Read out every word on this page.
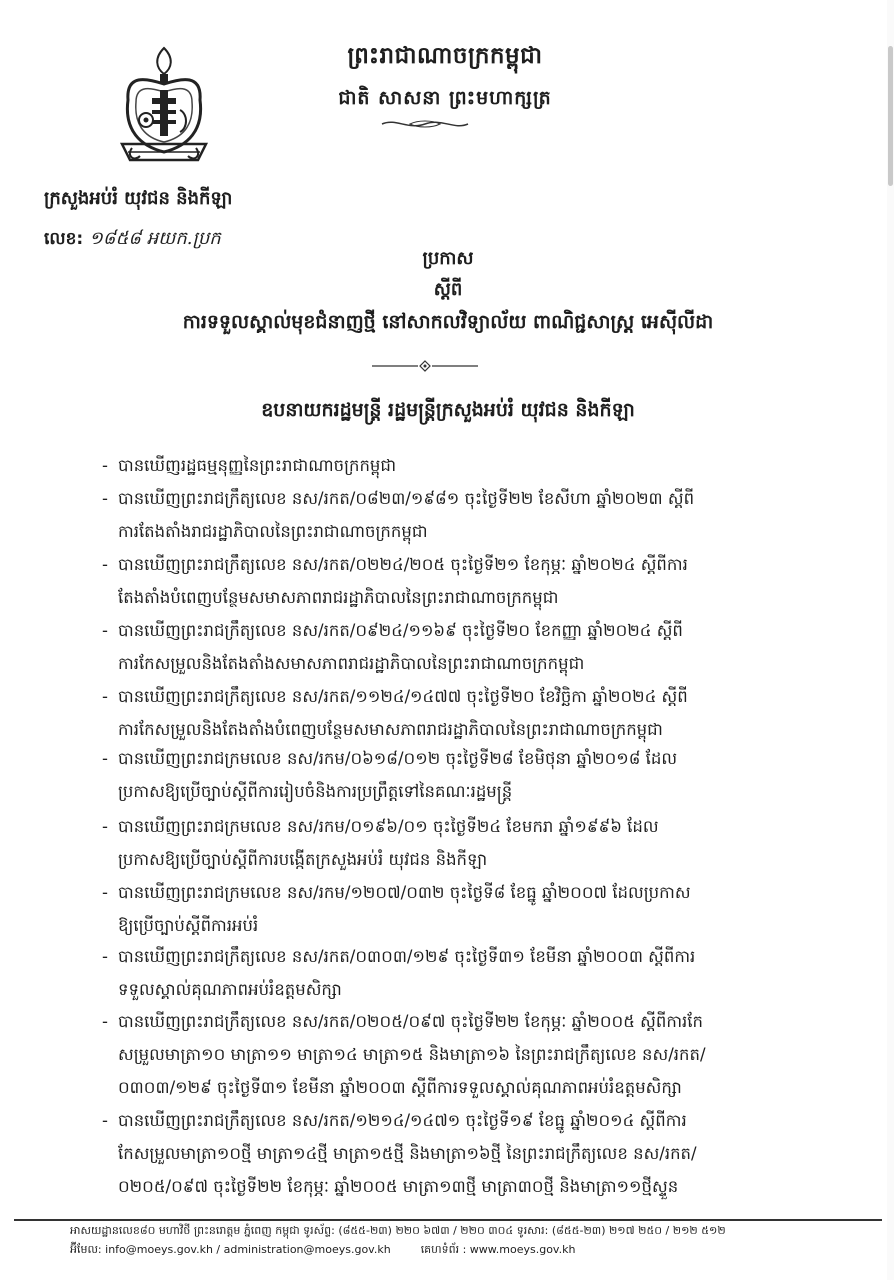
ព្រះរាជាណាចក្រកម្ពុជា
ជាតិ សាសនា ព្រះមហាក្សត្រ
ក្រសួងអប់រំ យុវជន និងកីឡា
លេខ: ១៨៥៨ អយក.ប្រក
ប្រកាស
ស្តីពី
ការទទួលស្គាល់មុខជំនាញថ្មី នៅសាកលវិទ្យាល័យ ពាណិជ្ជសាស្ត្រ អេស៊ីលីដា
ឧបនាយករដ្ឋមន្ត្រី រដ្ឋមន្ត្រីក្រសួងអប់រំ យុវជន និងកីឡា
- បានឃើញរដ្ឋធម្មនុញ្ញនៃព្រះរាជាណាចក្រកម្ពុជា
- បានឃើញព្រះរាជក្រឹត្យលេខ នស/រកត/០៨២៣/១៩៨១ ចុះថ្ងៃទី២២ ខែសីហា ឆ្នាំ២០២៣ ស្តីពី
ការតែងតាំងរាជរដ្ឋាភិបាលនៃព្រះរាជាណាចក្រកម្ពុជា
- បានឃើញព្រះរាជក្រឹត្យលេខ នស/រកត/០២២៤/២០៥ ចុះថ្ងៃទី២១ ខែកុម្ភៈ ឆ្នាំ២០២៤ ស្តីពីការ
តែងតាំងបំពេញបន្ថែមសមាសភាពរាជរដ្ឋាភិបាលនៃព្រះរាជាណាចក្រកម្ពុជា
- បានឃើញព្រះរាជក្រឹត្យលេខ នស/រកត/០៩២៤/១១៦៩ ចុះថ្ងៃទី២០ ខែកញ្ញា ឆ្នាំ២០២៤ ស្តីពី
ការកែសម្រួលនិងតែងតាំងសមាសភាពរាជរដ្ឋាភិបាលនៃព្រះរាជាណាចក្រកម្ពុជា
- បានឃើញព្រះរាជក្រឹត្យលេខ នស/រកត/១១២៤/១៤៧៧ ចុះថ្ងៃទី២០ ខែវិច្ឆិកា ឆ្នាំ២០២៤ ស្តីពី
ការកែសម្រួលនិងតែងតាំងបំពេញបន្ថែមសមាសភាពរាជរដ្ឋាភិបាលនៃព្រះរាជាណាចក្រកម្ពុជា
- បានឃើញព្រះរាជក្រមលេខ នស/រកម/០៦១៨/០១២ ចុះថ្ងៃទី២៨ ខែមិថុនា ឆ្នាំ២០១៨ ដែល
ប្រកាសឱ្យប្រើច្បាប់ស្តីពីការរៀបចំនិងការប្រព្រឹត្តទៅនៃគណៈរដ្ឋមន្ត្រី
- បានឃើញព្រះរាជក្រមលេខ នស/រកម/០១៩៦/០១ ចុះថ្ងៃទី២៤ ខែមករា ឆ្នាំ១៩៩៦ ដែល
ប្រកាសឱ្យប្រើច្បាប់ស្តីពីការបង្កើតក្រសួងអប់រំ យុវជន និងកីឡា
- បានឃើញព្រះរាជក្រមលេខ នស/រកម/១២០៧/០៣២ ចុះថ្ងៃទី៨ ខែធ្នូ ឆ្នាំ២០០៧ ដែលប្រកាស
ឱ្យប្រើច្បាប់ស្តីពីការអប់រំ
- បានឃើញព្រះរាជក្រឹត្យលេខ នស/រកត/០៣០៣/១២៩ ចុះថ្ងៃទី៣១ ខែមីនា ឆ្នាំ២០០៣ ស្តីពីការ
ទទួលស្គាល់គុណភាពអប់រំឧត្តមសិក្សា
- បានឃើញព្រះរាជក្រឹត្យលេខ នស/រកត/០២០៥/០៩៧ ចុះថ្ងៃទី២២ ខែកុម្ភៈ ឆ្នាំ២០០៥ ស្តីពីការកែ
សម្រួលមាត្រា១០ មាត្រា១១ មាត្រា១៤ មាត្រា១៥ និងមាត្រា១៦ នៃព្រះរាជក្រឹត្យលេខ នស/រកត/
០៣០៣/១២៩ ចុះថ្ងៃទី៣១ ខែមីនា ឆ្នាំ២០០៣ ស្តីពីការទទួលស្គាល់គុណភាពអប់រំឧត្តមសិក្សា
- បានឃើញព្រះរាជក្រឹត្យលេខ នស/រកត/១២១៤/១៤៧១ ចុះថ្ងៃទី១៩ ខែធ្នូ ឆ្នាំ២០១៤ ស្តីពីការ
កែសម្រួលមាត្រា១០ថ្មី មាត្រា១៤ថ្មី មាត្រា១៥ថ្មី និងមាត្រា១៦ថ្មី នៃព្រះរាជក្រឹត្យលេខ នស/រកត/
០២០៥/០៩៧ ចុះថ្ងៃទី២២ ខែកុម្ភៈ ឆ្នាំ២០០៥ មាត្រា១៣ថ្មី មាត្រា៣០ថ្មី និងមាត្រា១១ថ្មីស្ទួន
អាសយដ្ឋានលេខ៨០ មហាវិថី ព្រះនរោត្តម ភ្នំពេញ កម្ពុជា ទូរស័ព្ទ: (៨៥៥-២៣) ២២០ ៦៧៣ / ២២០ ៣០៤ ទូរសារ: (៨៥៥-២៣) ២១៧ ២៥០ / ២១២ ៥១២
អ៊ីមែល: info@moeys.gov.kh / administration@moeys.gov.kh	គេហទំព័រ : www.moeys.gov.kh
